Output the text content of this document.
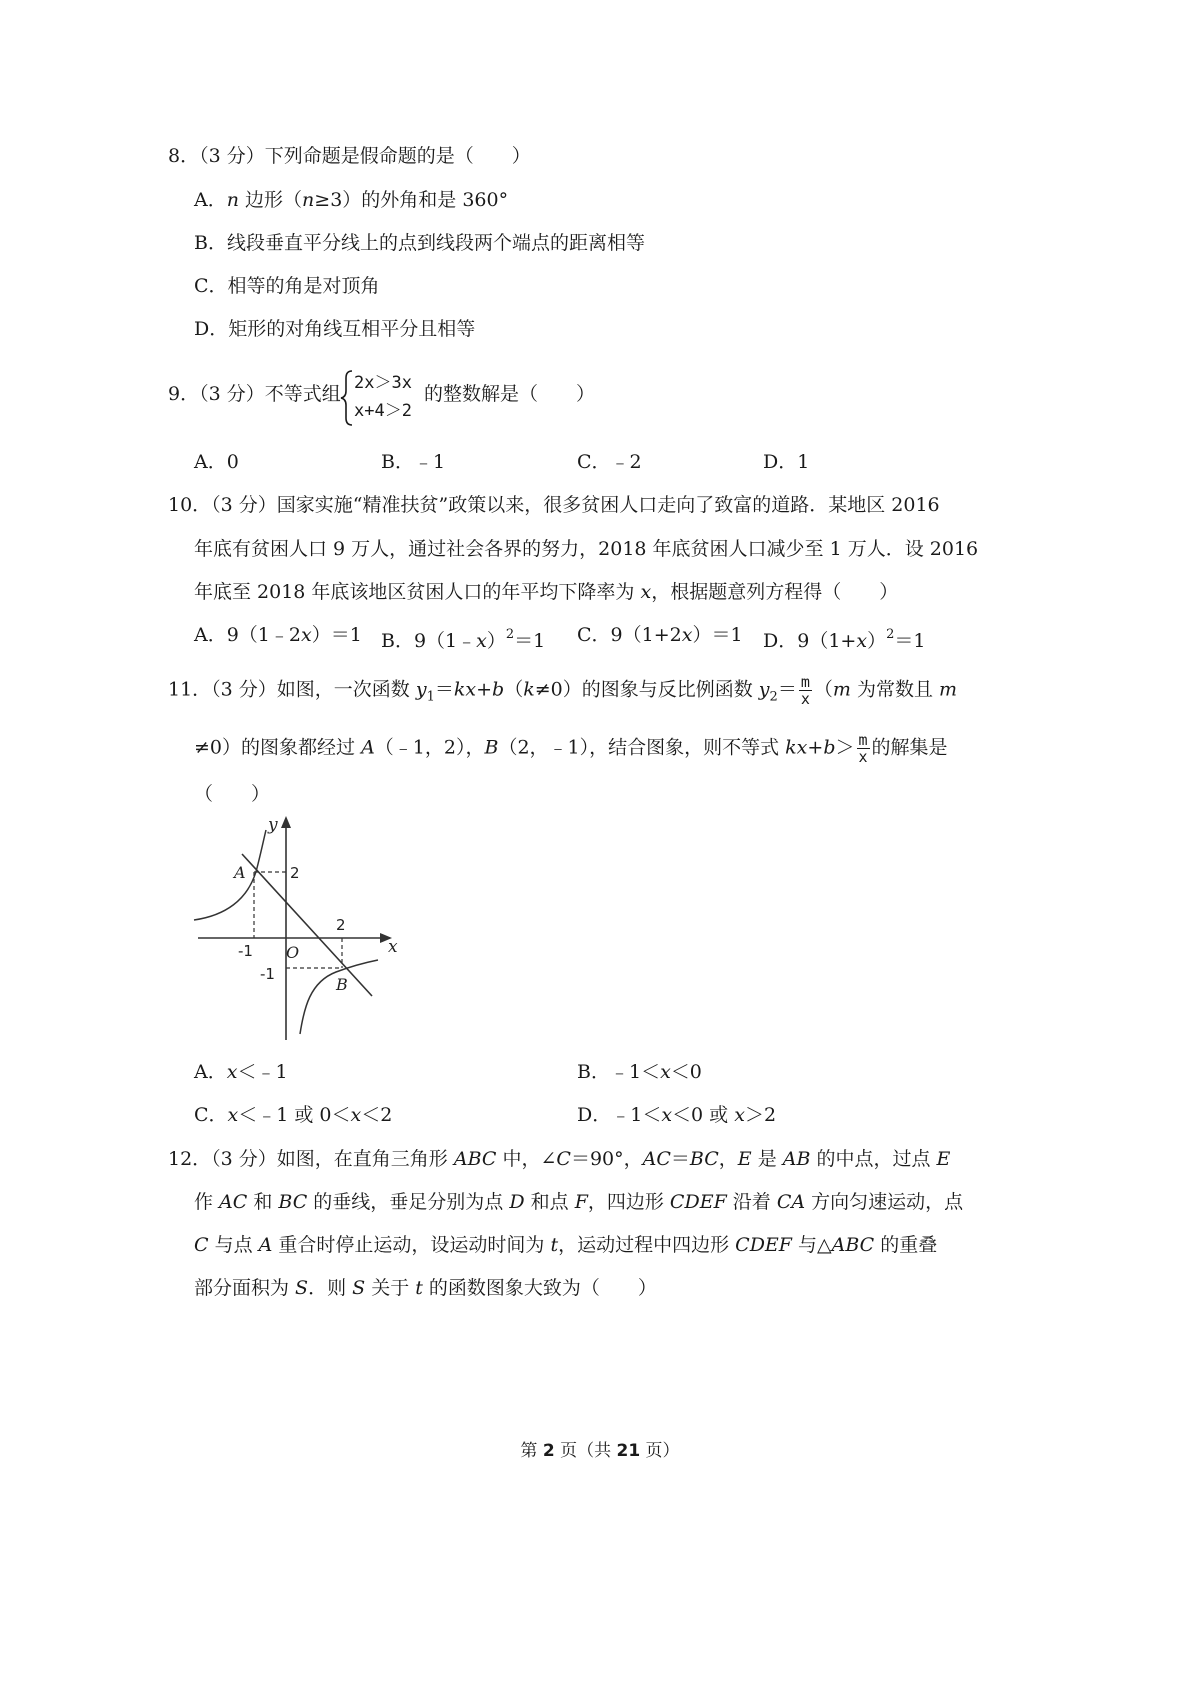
8．（3 分）下列命题是假命题的是（　　）
A．n 边形（n≥3）的外角和是 360°
B．线段垂直平分线上的点到线段两个端点的距离相等
C．相等的角是对顶角
D．矩形的对角线互相平分且相等
9．（3 分）不等式组 2x＞3x
x+4＞2
的整数解是（　　）
A．0	B．﹣1	C．﹣2	D．1
10．（3 分）国家实施“精准扶贫”政策以来，很多贫困人口走向了致富的道路．某地区 2016
年底有贫困人口 9 万人，通过社会各界的努力，2018 年底贫困人口减少至 1 万人．设 2016
年底至 2018 年底该地区贫困人口的年平均下降率为 x，根据题意列方程得（　　）
A．9（1﹣2x）＝1 B．9（1﹣x）$^2$＝1 C．9（1+2x）＝1 D．$9(1+x)^2=1$
11．（3 分）如图，一次函数 $y_1=kx+b(k\ne 0)$的图象与反比例函数 $y_2= \frac{m}{x} (m$ 为常数且 m
≠0）的图象都经过 A（﹣1，2），B（2，﹣1），结合图象，则不等式 $kx+b> \frac{m}{x}$ 的解集是
（　　）
y
x
O
A
B
2
2
-1
-1
A．x＜﹣1	B．﹣1＜x＜0
C．x＜﹣1 或 0＜x＜2	D．﹣1＜x＜0 或 x＞2
12．（3 分）如图，在直角三角形 ABC 中，∠C＝90°，AC＝BC，E 是 AB 的中点，过点 E
作 AC 和 BC 的垂线，垂足分别为点 D 和点 F，四边形 CDEF 沿着 CA 方向匀速运动，点
C 与点 A 重合时停止运动，设运动时间为 t，运动过程中四边形 CDEF 与△ABC 的重叠
部分面积为 S．则 S 关于 t 的函数图象大致为（　　）
第 2 页（共 21 页）
